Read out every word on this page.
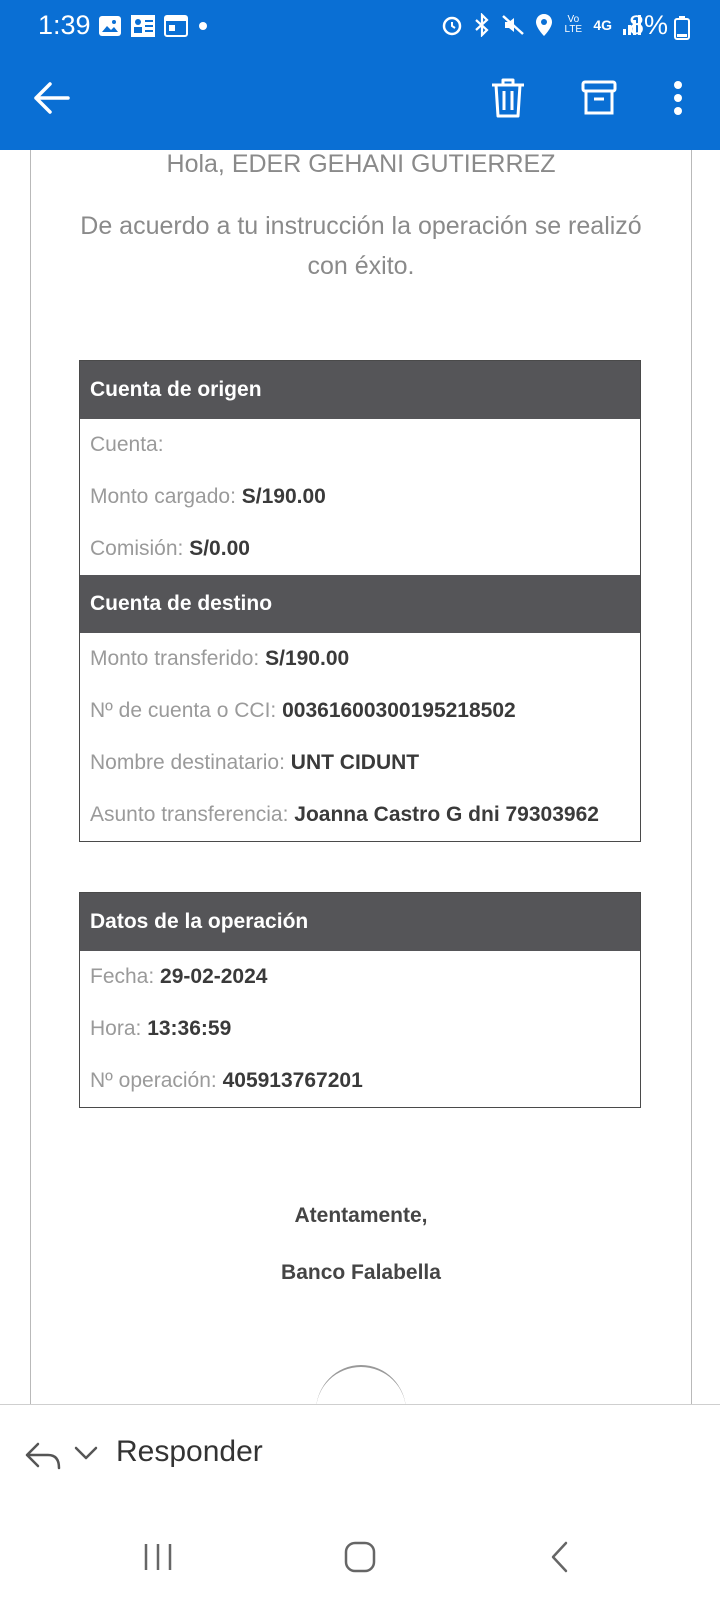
1:39	Vo LTE 4G 8%
Hola, EDER GEHANI GUTIERREZ
De acuerdo a tu instrucción la operación se realizó con éxito.
Cuenta de origen
Cuenta:
Monto cargado: S/190.00
Comisión: S/0.00
Cuenta de destino
Monto transferido: S/190.00
Nº de cuenta o CCI: 00361600300195218502
Nombre destinatario: UNT CIDUNT
Asunto transferencia: Joanna Castro G dni 79303962
Datos de la operación
Fecha: 29-02-2024
Hora: 13:36:59
Nº operación: 405913767201
Atentamente,
Banco Falabella
Responder
